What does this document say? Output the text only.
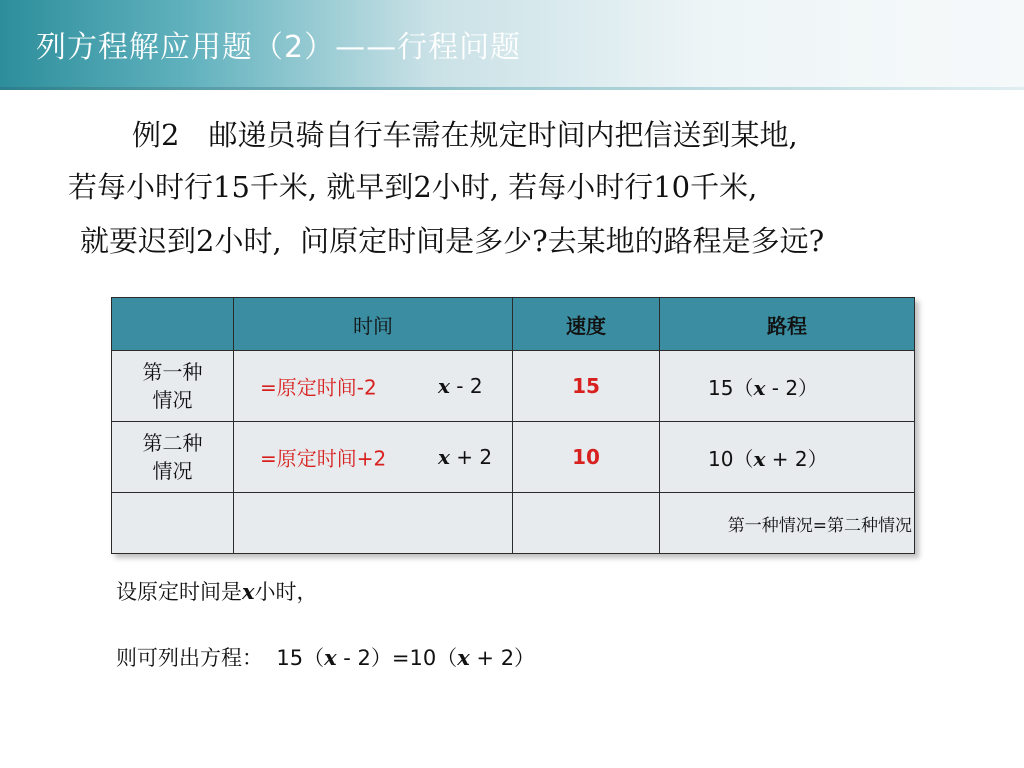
列方程解应用题（2）——行程问题
例2　邮递员骑自行车需在规定时间内把信送到某地,
若每小时行15千米, 就早到2小时, 若每小时行10千米,
就要迟到2小时,  问原定时间是多少?去某地的路程是多远?
	时间	速度	路程
第一种
情况	=原定时间-2 x - 2	15	15（x - 2）
第二种
情况	=原定时间+2 x + 2	10	10（x + 2）
			第一种情况=第二种情况
设原定时间是x小时，
则可列出方程：  15（x - 2）=10（x + 2）
